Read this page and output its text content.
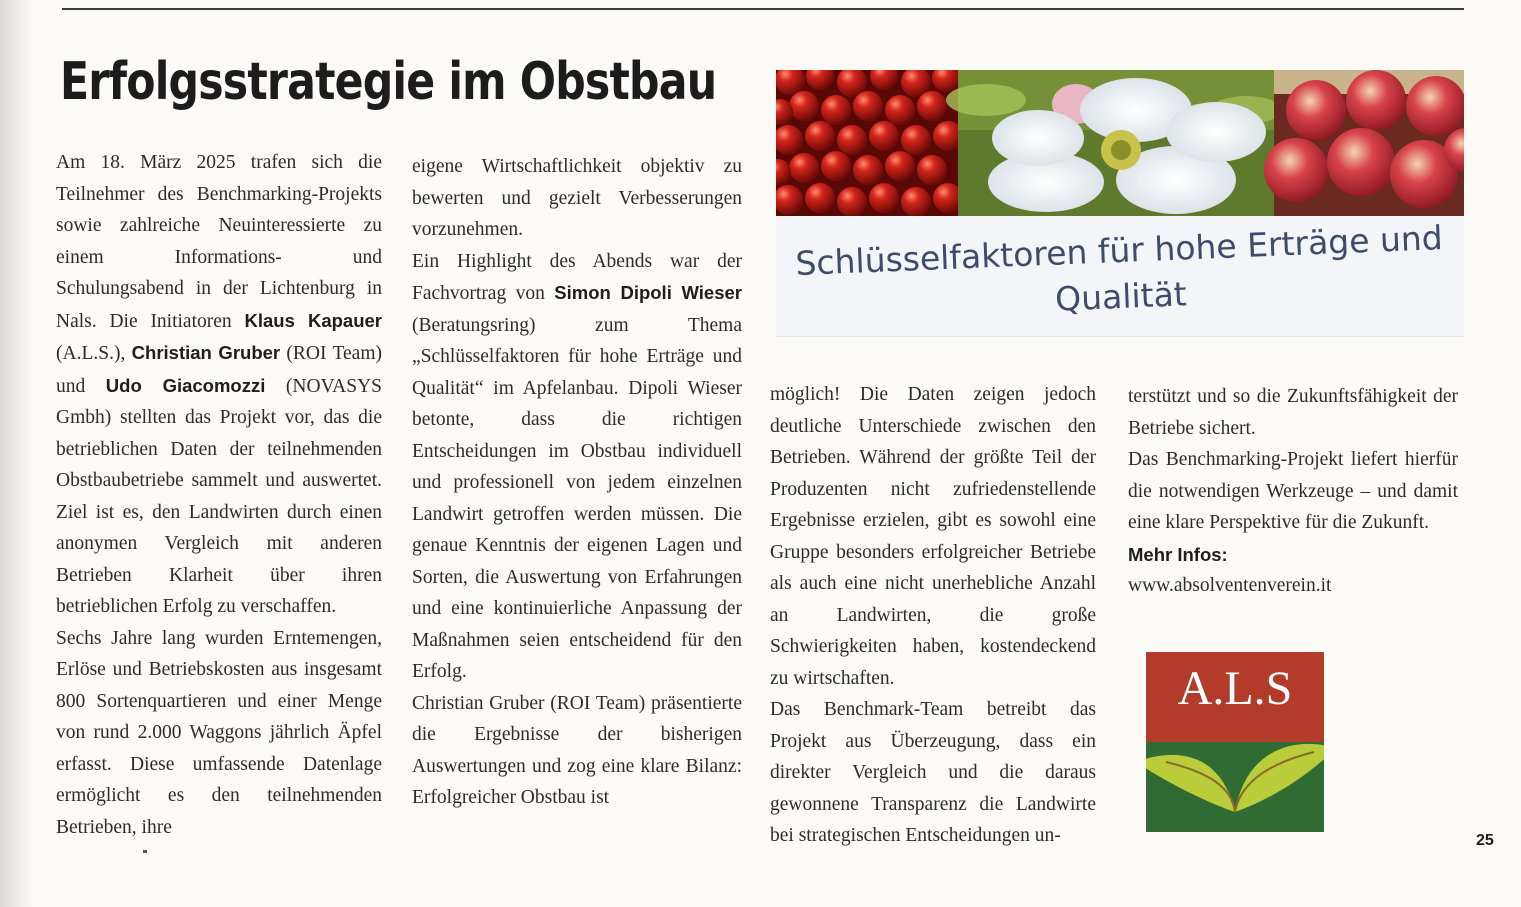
Erfolgsstrategie im Obstbau

Am 18. März 2025 trafen sich die Teilnehmer des Benchmarking-Projekts sowie zahlreiche Neuinteressierte zu einem Informations- und Schulungsabend in der Lichtenburg in Nals. Die Initiatoren Klaus Kapauer (A.L.S.), Christian Gruber (ROI Team) und Udo Giacomozzi (NOVASYS Gmbh) stellten das Projekt vor, das die betrieblichen Daten der teilnehmenden Obstbaubetriebe sammelt und auswertet. Ziel ist es, den Landwirten durch einen anonymen Vergleich mit anderen Betrieben Klarheit über ihren betrieblichen Erfolg zu verschaffen.

Sechs Jahre lang wurden Erntemengen, Erlöse und Betriebskosten aus insgesamt 800 Sortenquartieren und einer Menge von rund 2.000 Waggons jährlich Äpfel erfasst. Diese umfassende Datenlage ermöglicht es den teilnehmenden Betrieben, ihre

eigene Wirtschaftlichkeit objektiv zu bewerten und gezielt Verbesserungen vorzunehmen.

Ein Highlight des Abends war der Fachvortrag von Simon Dipoli Wieser (Beratungsring) zum Thema „Schlüsselfaktoren für hohe Erträge und Qualität“ im Apfelanbau. Dipoli Wieser betonte, dass die richtigen Entscheidungen im Obstbau individuell und professionell von jedem einzelnen Landwirt getroffen werden müssen. Die genaue Kenntnis der eigenen Lagen und Sorten, die Auswertung von Erfahrungen und eine kontinuierliche Anpassung der Maßnahmen seien entscheidend für den Erfolg.

Christian Gruber (ROI Team) präsentierte die Ergebnisse der bisherigen Auswertungen und zog eine klare Bilanz: Erfolgreicher Obstbau ist

Schlüsselfaktoren für hohe Erträge und Qualität

möglich! Die Daten zeigen jedoch deutliche Unterschiede zwischen den Betrieben. Während der größte Teil der Produzenten nicht zufriedenstellende Ergebnisse erzielen, gibt es sowohl eine Gruppe besonders erfolgreicher Betriebe als auch eine nicht unerhebliche Anzahl an Landwirten, die große Schwierigkeiten haben, kostendeckend zu wirtschaften.

Das Benchmark-Team betreibt das Projekt aus Überzeugung, dass ein direkter Vergleich und die daraus gewonnene Transparenz die Landwirte bei strategischen Entscheidungen un-

terstützt und so die Zukunftsfähigkeit der Betriebe sichert.

Das Benchmarking-Projekt liefert hierfür die notwendigen Werkzeuge – und damit eine klare Perspektive für die Zukunft.

Mehr Infos:

www.absolventenverein.it

A.L.S
25
